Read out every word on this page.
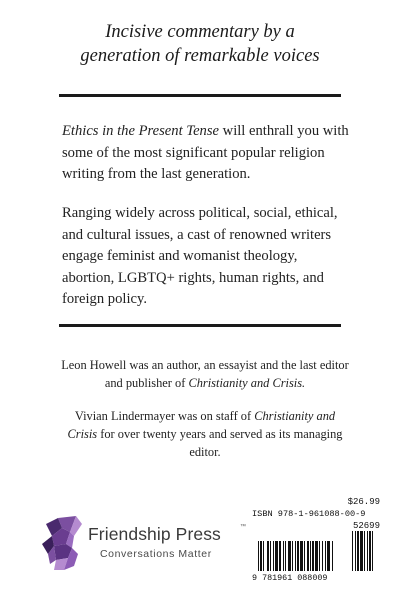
Incisive commentary by a
generation of remarkable voices
Ethics in the Present Tense will enthrall you with some of the most significant popular religion writing from the last generation.
Ranging widely across political, social, ethical, and cultural issues, a cast of renowned writers engage feminist and womanist theology, abortion, LGBTQ+ rights, human rights, and foreign policy.
Leon Howell was an author, an essayist and the last editor and publisher of Christianity and Crisis.
Vivian Lindermayer was on staff of Christianity and Crisis for over twenty years and served as its managing editor.
Friendship Press	™
Conversations Matter
$26.99
ISBN 978-1-961088-00-9
52699
9 781961 088009
